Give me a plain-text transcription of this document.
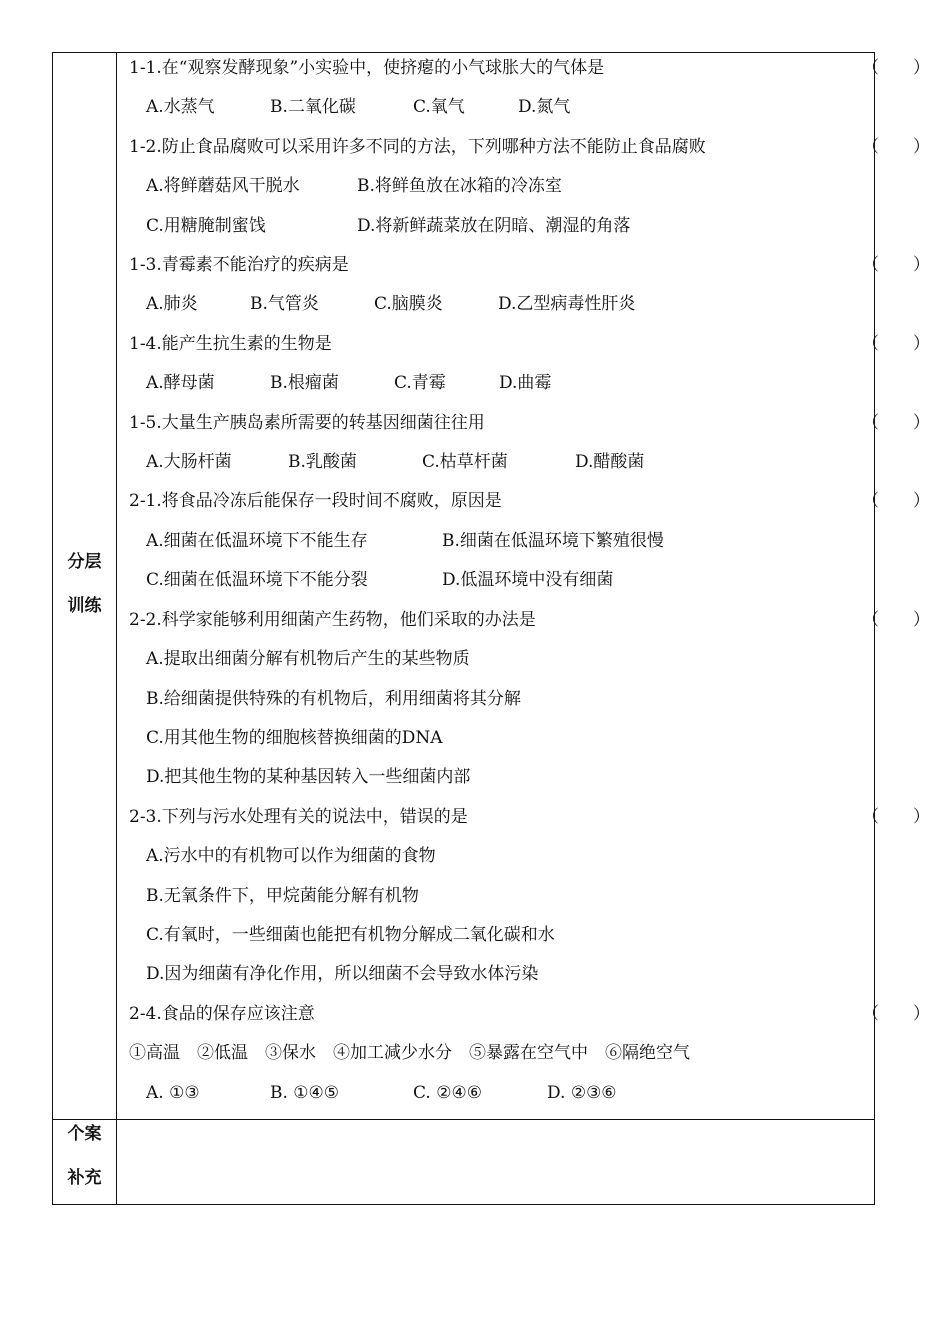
分层
训练
个案
补充
1-1.在“观察发酵现象”小实验中，使挤瘪的小气球胀大的气体是	（　　）
A.水蒸气	B.二氧化碳	C.氧气	D.氮气
1-2.防止食品腐败可以采用许多不同的方法，下列哪种方法不能防止食品腐败	（　　）
A.将鲜蘑菇风干脱水	B.将鲜鱼放在冰箱的冷冻室
C.用糖腌制蜜饯	D.将新鲜蔬菜放在阴暗、潮湿的角落
1-3.青霉素不能治疗的疾病是	（　　）
A.肺炎	B.气管炎	C.脑膜炎	D.乙型病毒性肝炎
1-4.能产生抗生素的生物是	（　　）
A.酵母菌	B.根瘤菌	C.青霉	D.曲霉
1-5.大量生产胰岛素所需要的转基因细菌往往用	（　　）
A.大肠杆菌	B.乳酸菌	C.枯草杆菌	D.醋酸菌
2-1.将食品冷冻后能保存一段时间不腐败，原因是	（　　）
A.细菌在低温环境下不能生存	B.细菌在低温环境下繁殖很慢
C.细菌在低温环境下不能分裂	D.低温环境中没有细菌
2-2.科学家能够利用细菌产生药物，他们采取的办法是	（　　）
A.提取出细菌分解有机物后产生的某些物质
B.给细菌提供特殊的有机物后，利用细菌将其分解
C.用其他生物的细胞核替换细菌的DNA
D.把其他生物的某种基因转入一些细菌内部
2-3.下列与污水处理有关的说法中，错误的是	（　　）
A.污水中的有机物可以作为细菌的食物
B.无氧条件下，甲烷菌能分解有机物
C.有氧时，一些细菌也能把有机物分解成二氧化碳和水
D.因为细菌有净化作用，所以细菌不会导致水体污染
2-4.食品的保存应该注意	（　　）
①高温　②低温　③保水　④加工减少水分　⑤暴露在空气中　⑥隔绝空气
A. ①③	B. ①④⑤	C. ②④⑥	D. ②③⑥
